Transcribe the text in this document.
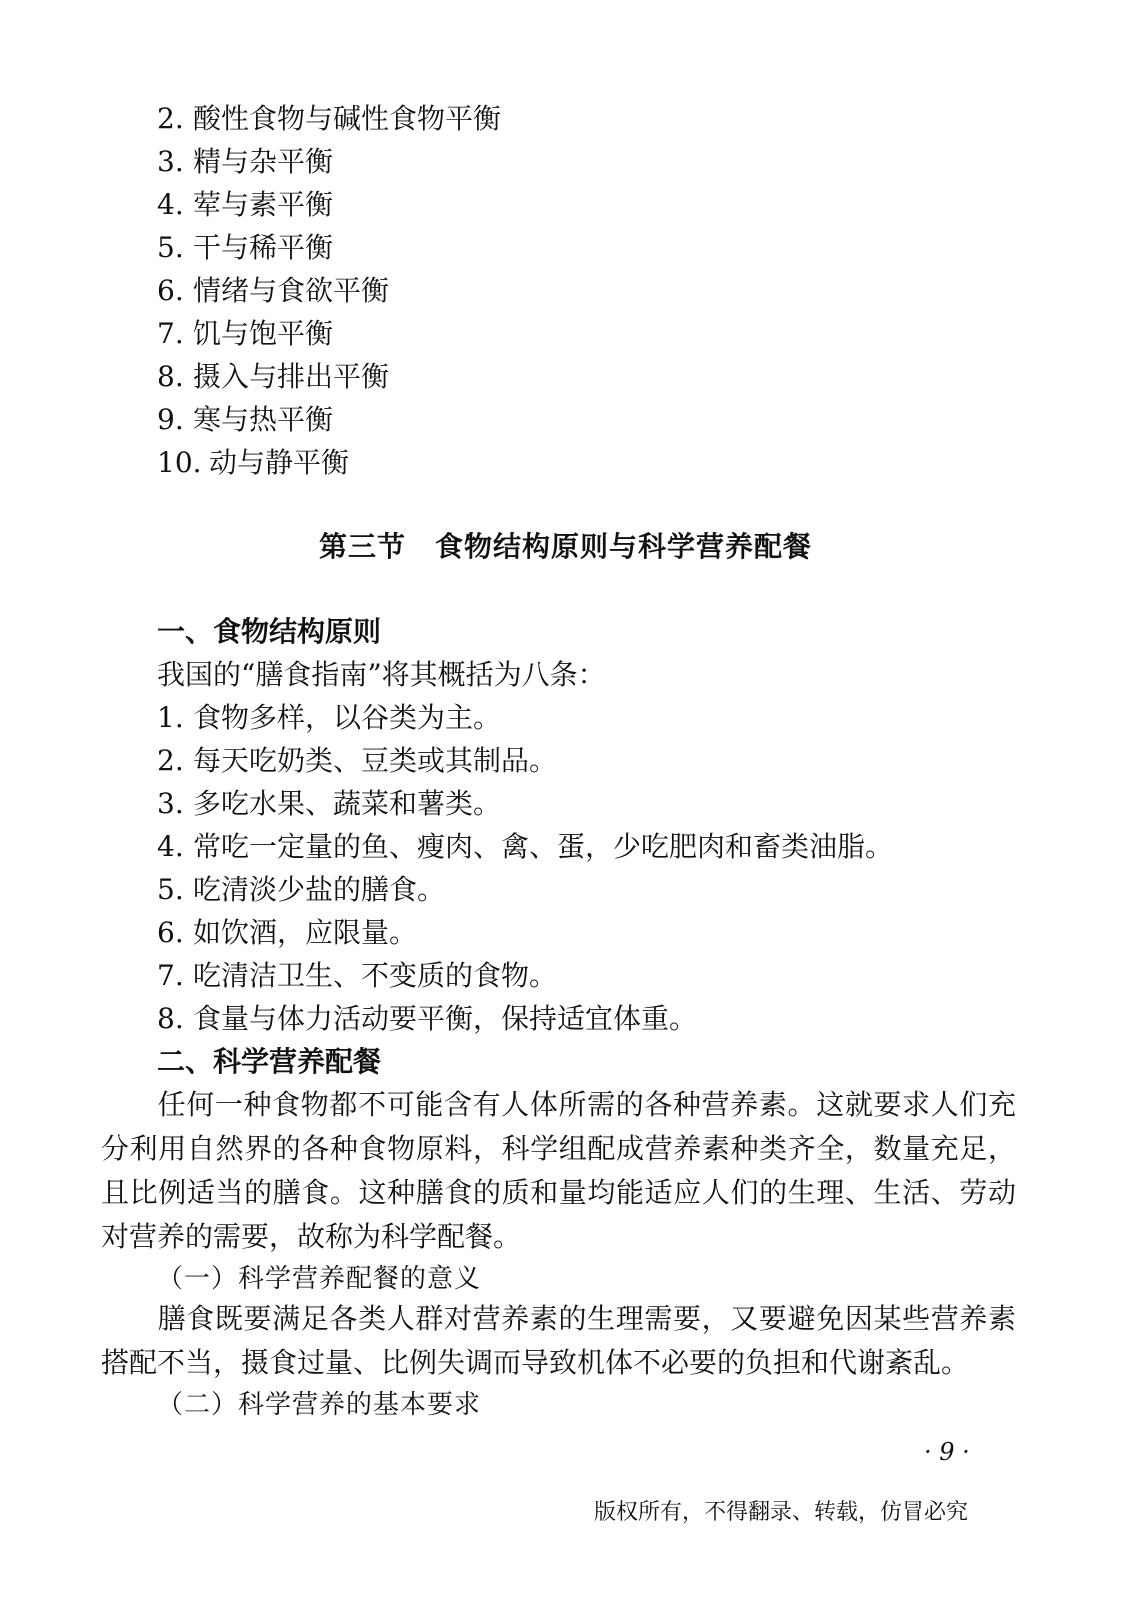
2. 酸性食物与碱性食物平衡
3. 精与杂平衡
4. 荤与素平衡
5. 干与稀平衡
6. 情绪与食欲平衡
7. 饥与饱平衡
8. 摄入与排出平衡
9. 寒与热平衡
10. 动与静平衡
第三节　食物结构原则与科学营养配餐
一、食物结构原则
我国的“膳食指南”将其概括为八条：
1. 食物多样，以谷类为主。
2. 每天吃奶类、豆类或其制品。
3. 多吃水果、蔬菜和薯类。
4. 常吃一定量的鱼、瘦肉、禽、蛋，少吃肥肉和畜类油脂。
5. 吃清淡少盐的膳食。
6. 如饮酒，应限量。
7. 吃清洁卫生、不变质的食物。
8. 食量与体力活动要平衡，保持适宜体重。
二、科学营养配餐
任何一种食物都不可能含有人体所需的各种营养素。这就要求人们充分利用自然界的各种食物原料，科学组配成营养素种类齐全，数量充足，且比例适当的膳食。这种膳食的质和量均能适应人们的生理、生活、劳动对营养的需要，故称为科学配餐。
（一）科学营养配餐的意义
膳食既要满足各类人群对营养素的生理需要，又要避免因某些营养素搭配不当，摄食过量、比例失调而导致机体不必要的负担和代谢紊乱。
（二）科学营养的基本要求
· 9 ·
版权所有，不得翻录、转载，仿冒必究
